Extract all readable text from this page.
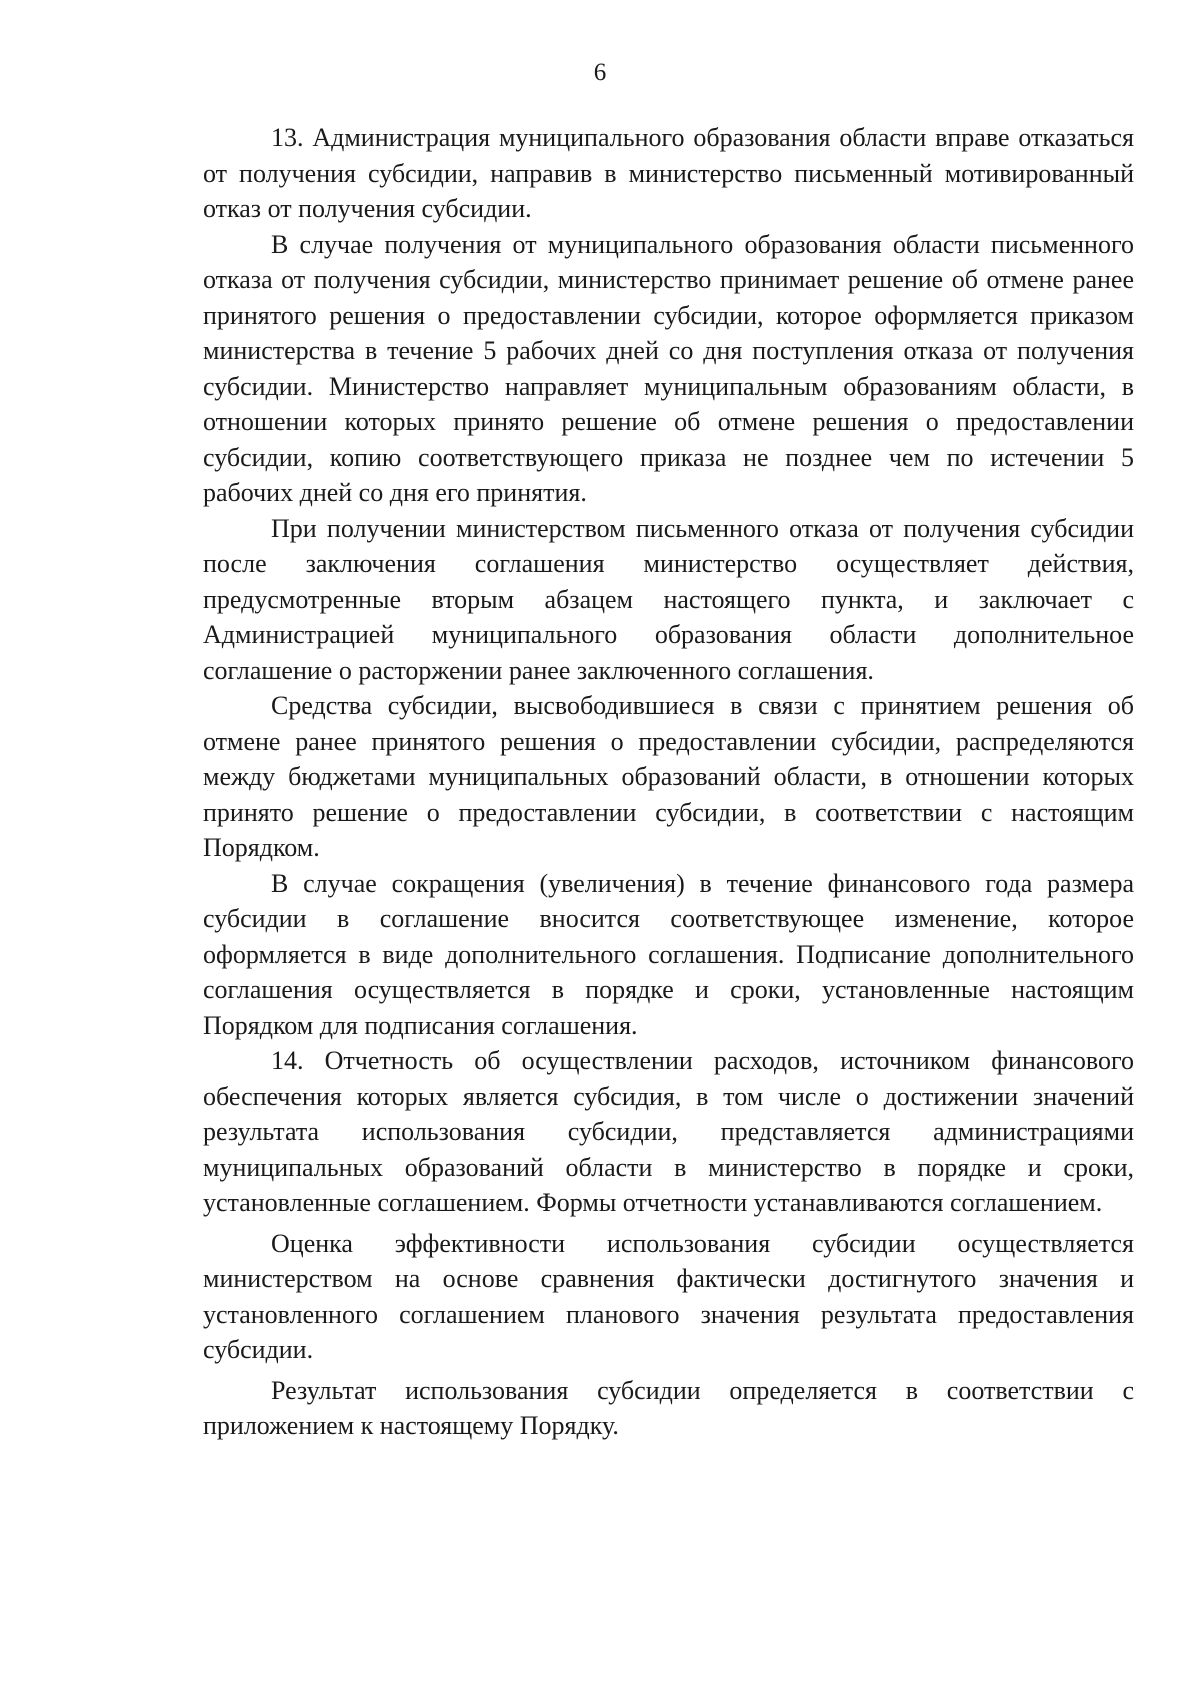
6

13. Администрация муниципального образования области вправе отказаться от получения субсидии, направив в министерство письменный мотивированный отказ от получения субсидии.

В случае получения от муниципального образования области письменного отказа от получения субсидии, министерство принимает решение об отмене ранее принятого решения о предоставлении субсидии, которое оформляется приказом министерства в течение 5 рабочих дней со дня поступления отказа от получения субсидии. Министерство направляет муниципальным образованиям области, в отношении которых принято решение об отмене решения о предоставлении субсидии, копию соответствующего приказа не позднее чем по истечении 5 рабочих дней со дня его принятия.

При получении министерством письменного отказа от получения субсидии после заключения соглашения министерство осуществляет действия, предусмотренные вторым абзацем настоящего пункта, и заключает с Администрацией муниципального образования области дополнительное соглашение о расторжении ранее заключенного соглашения.

Средства субсидии, высвободившиеся в связи с принятием решения об отмене ранее принятого решения о предоставлении субсидии, распределяются между бюджетами муниципальных образований области, в отношении которых принято решение о предоставлении субсидии, в соответствии с настоящим Порядком.

В случае сокращения (увеличения) в течение финансового года размера субсидии в соглашение вносится соответствующее изменение, которое оформляется в виде дополнительного соглашения. Подписание дополнительного соглашения осуществляется в порядке и сроки, установленные настоящим Порядком для подписания соглашения.

14. Отчетность об осуществлении расходов, источником финансового обеспечения которых является субсидия, в том числе о достижении значений результата использования субсидии, представляется администрациями муниципальных образований области в министерство в порядке и сроки, установленные соглашением. Формы отчетности устанавливаются соглашением.

Оценка эффективности использования субсидии осуществляется министерством на основе сравнения фактически достигнутого значения и установленного соглашением планового значения результата предоставления субсидии.

Результат использования субсидии определяется в соответствии с приложением к настоящему Порядку.
